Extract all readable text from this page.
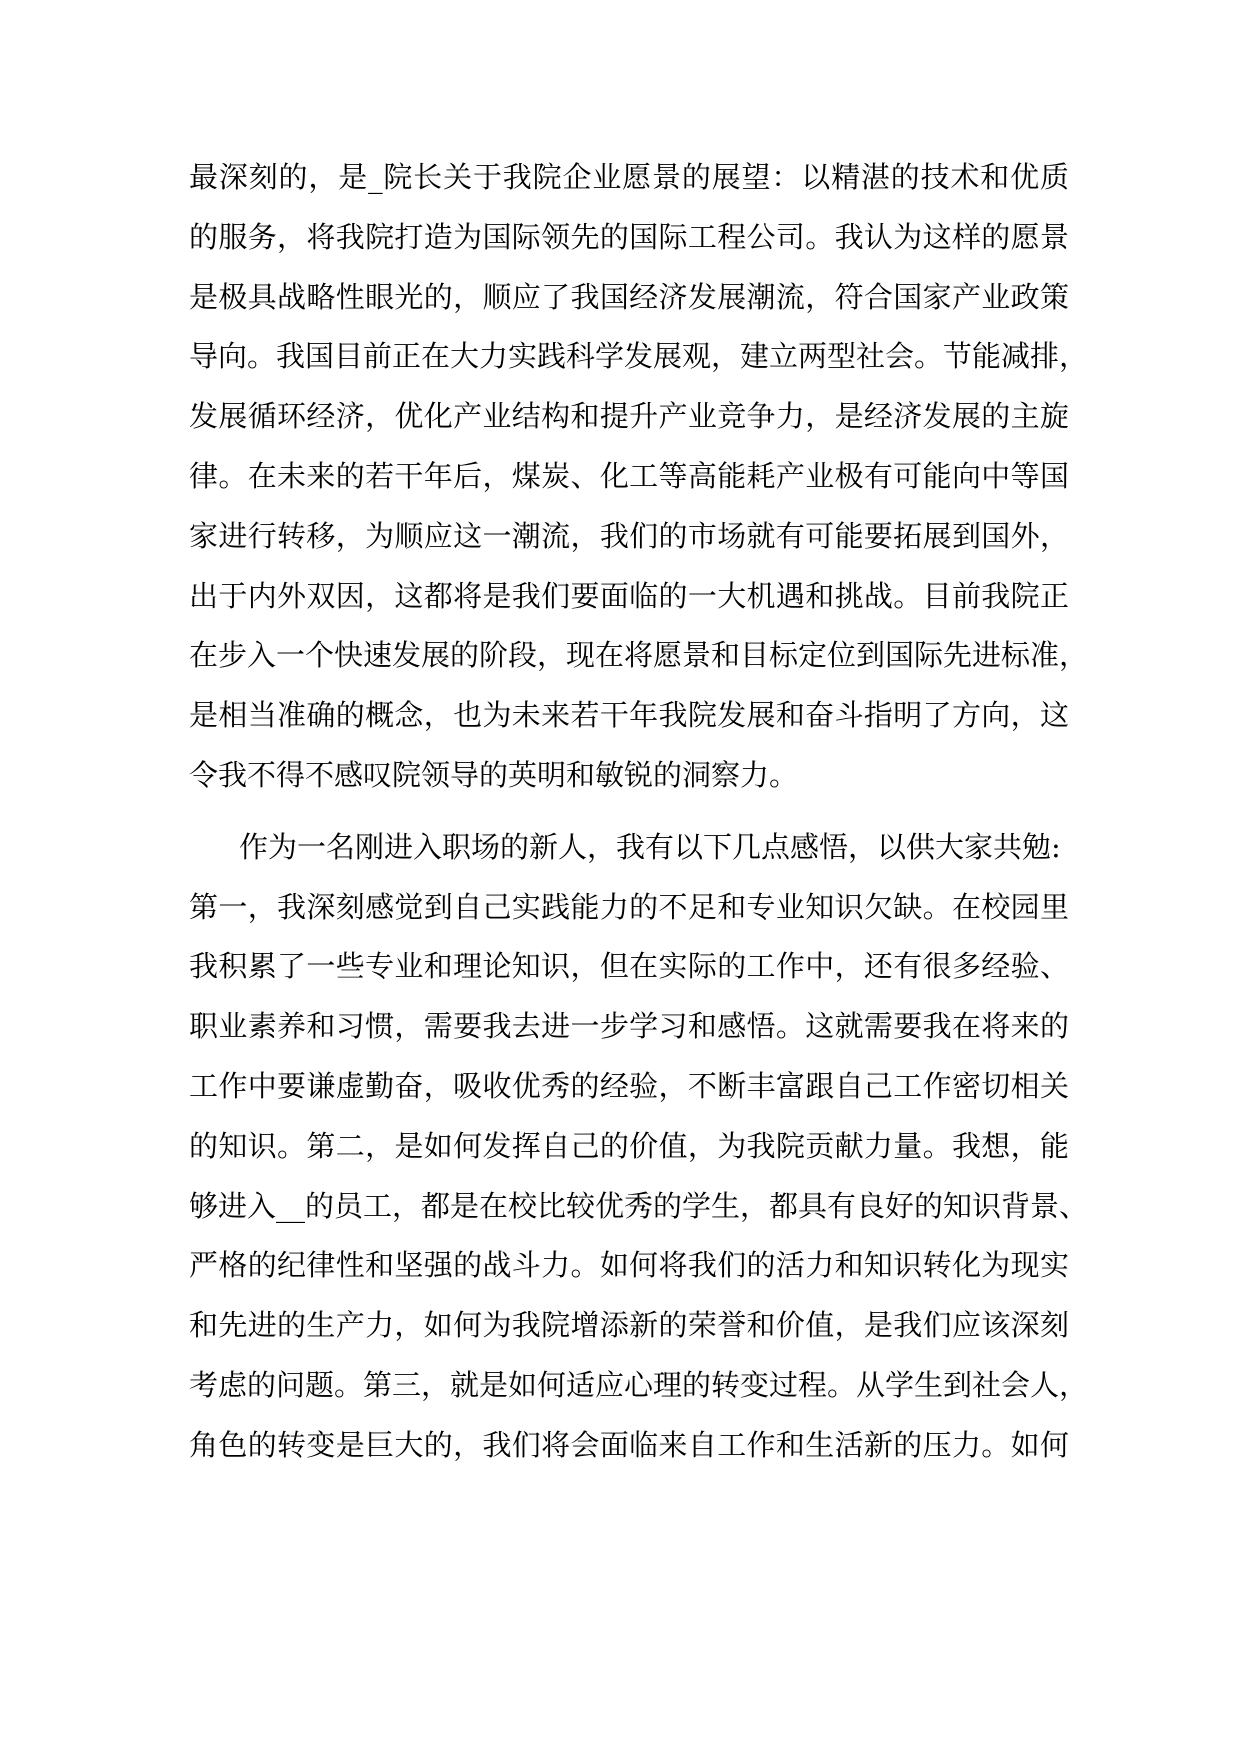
最深刻的，是_院长关于我院企业愿景的展望：以精湛的技术和优质
的服务，将我院打造为国际领先的国际工程公司。我认为这样的愿景
是极具战略性眼光的，顺应了我国经济发展潮流，符合国家产业政策
导向。我国目前正在大力实践科学发展观，建立两型社会。节能减排，
发展循环经济，优化产业结构和提升产业竞争力，是经济发展的主旋
律。在未来的若干年后，煤炭、化工等高能耗产业极有可能向中等国
家进行转移，为顺应这一潮流，我们的市场就有可能要拓展到国外，
出于内外双因，这都将是我们要面临的一大机遇和挑战。目前我院正
在步入一个快速发展的阶段，现在将愿景和目标定位到国际先进标准，
是相当准确的概念，也为未来若干年我院发展和奋斗指明了方向，这
令我不得不感叹院领导的英明和敏锐的洞察力。
作为一名刚进入职场的新人，我有以下几点感悟，以供大家共勉:
第一，我深刻感觉到自己实践能力的不足和专业知识欠缺。在校园里
我积累了一些专业和理论知识，但在实际的工作中，还有很多经验、
职业素养和习惯，需要我去进一步学习和感悟。这就需要我在将来的
工作中要谦虚勤奋，吸收优秀的经验，不断丰富跟自己工作密切相关
的知识。第二，是如何发挥自己的价值，为我院贡献力量。我想，能
够进入__的员工，都是在校比较优秀的学生，都具有良好的知识背景、
严格的纪律性和坚强的战斗力。如何将我们的活力和知识转化为现实
和先进的生产力，如何为我院增添新的荣誉和价值，是我们应该深刻
考虑的问题。第三，就是如何适应心理的转变过程。从学生到社会人，
角色的转变是巨大的，我们将会面临来自工作和生活新的压力。如何
